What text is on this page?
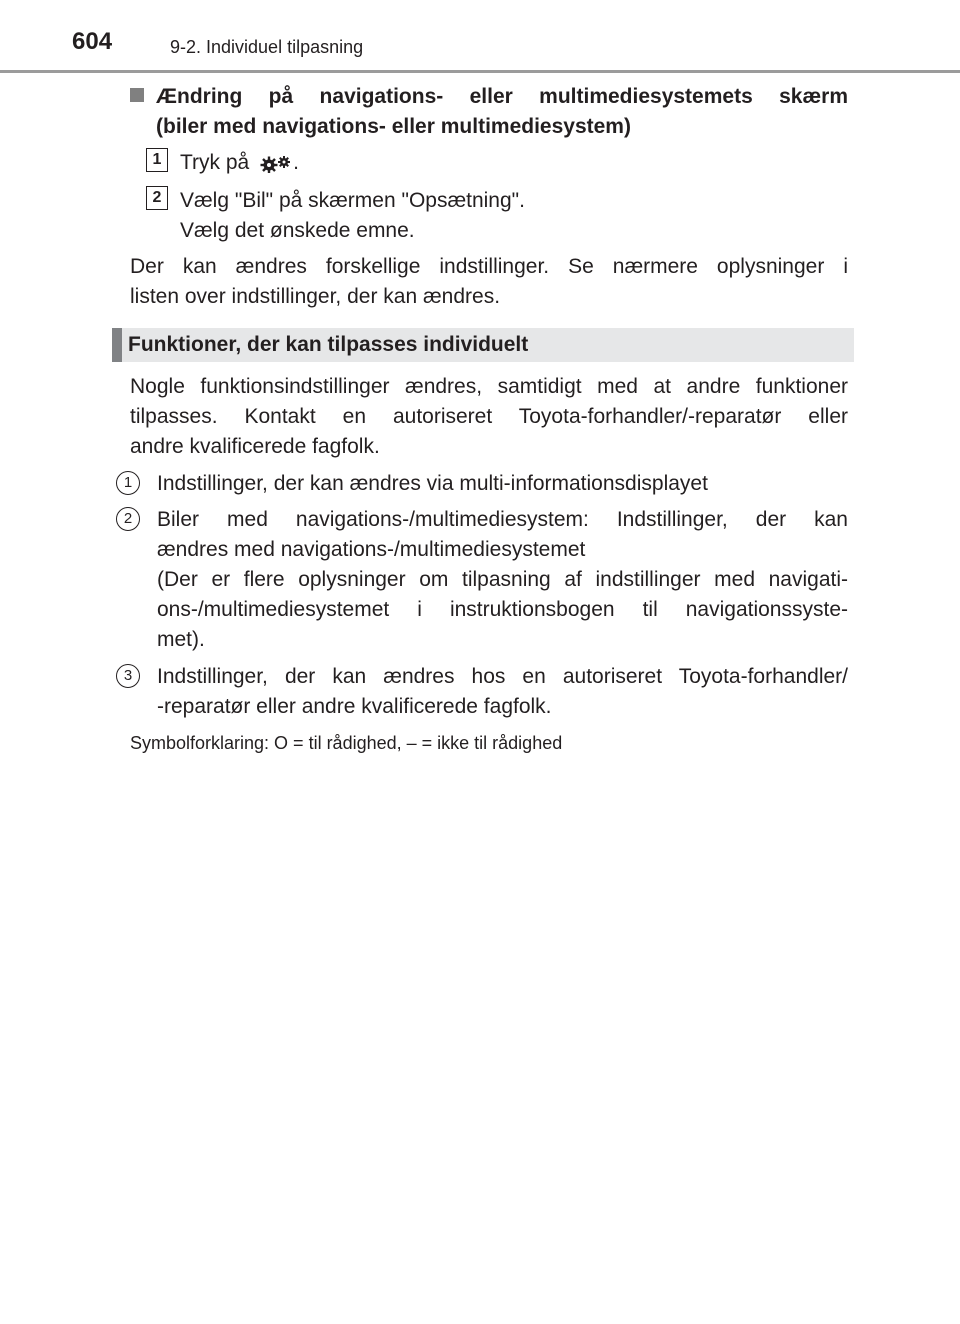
604	9-2. Individuel tilpasning
Ændring på navigations- eller multimediesystemets skærm
(biler med navigations- eller multimediesystem)
1 Tryk på .
2 Vælg "Bil" på skærmen "Opsætning".
Vælg det ønskede emne.
Der kan ændres forskellige indstillinger. Se nærmere oplysninger i
listen over indstillinger, der kan ændres.
Funktioner, der kan tilpasses individuelt
Nogle funktionsindstillinger ændres, samtidigt med at andre funktioner
tilpasses. Kontakt en autoriseret Toyota-forhandler/-reparatør eller
andre kvalificerede fagfolk.
1	Indstillinger, der kan ændres via multi-informationsdisplayet
2	Biler med navigations-/multimediesystem: Indstillinger, der kan
ændres med navigations-/multimediesystemet
(Der er flere oplysninger om tilpasning af indstillinger med navigati-
ons-/multimediesystemet i instruktionsbogen til navigationssyste-
met).
3	Indstillinger, der kan ændres hos en autoriseret Toyota-forhandler/
-reparatør eller andre kvalificerede fagfolk.
Symbolforklaring: O = til rådighed, – = ikke til rådighed
